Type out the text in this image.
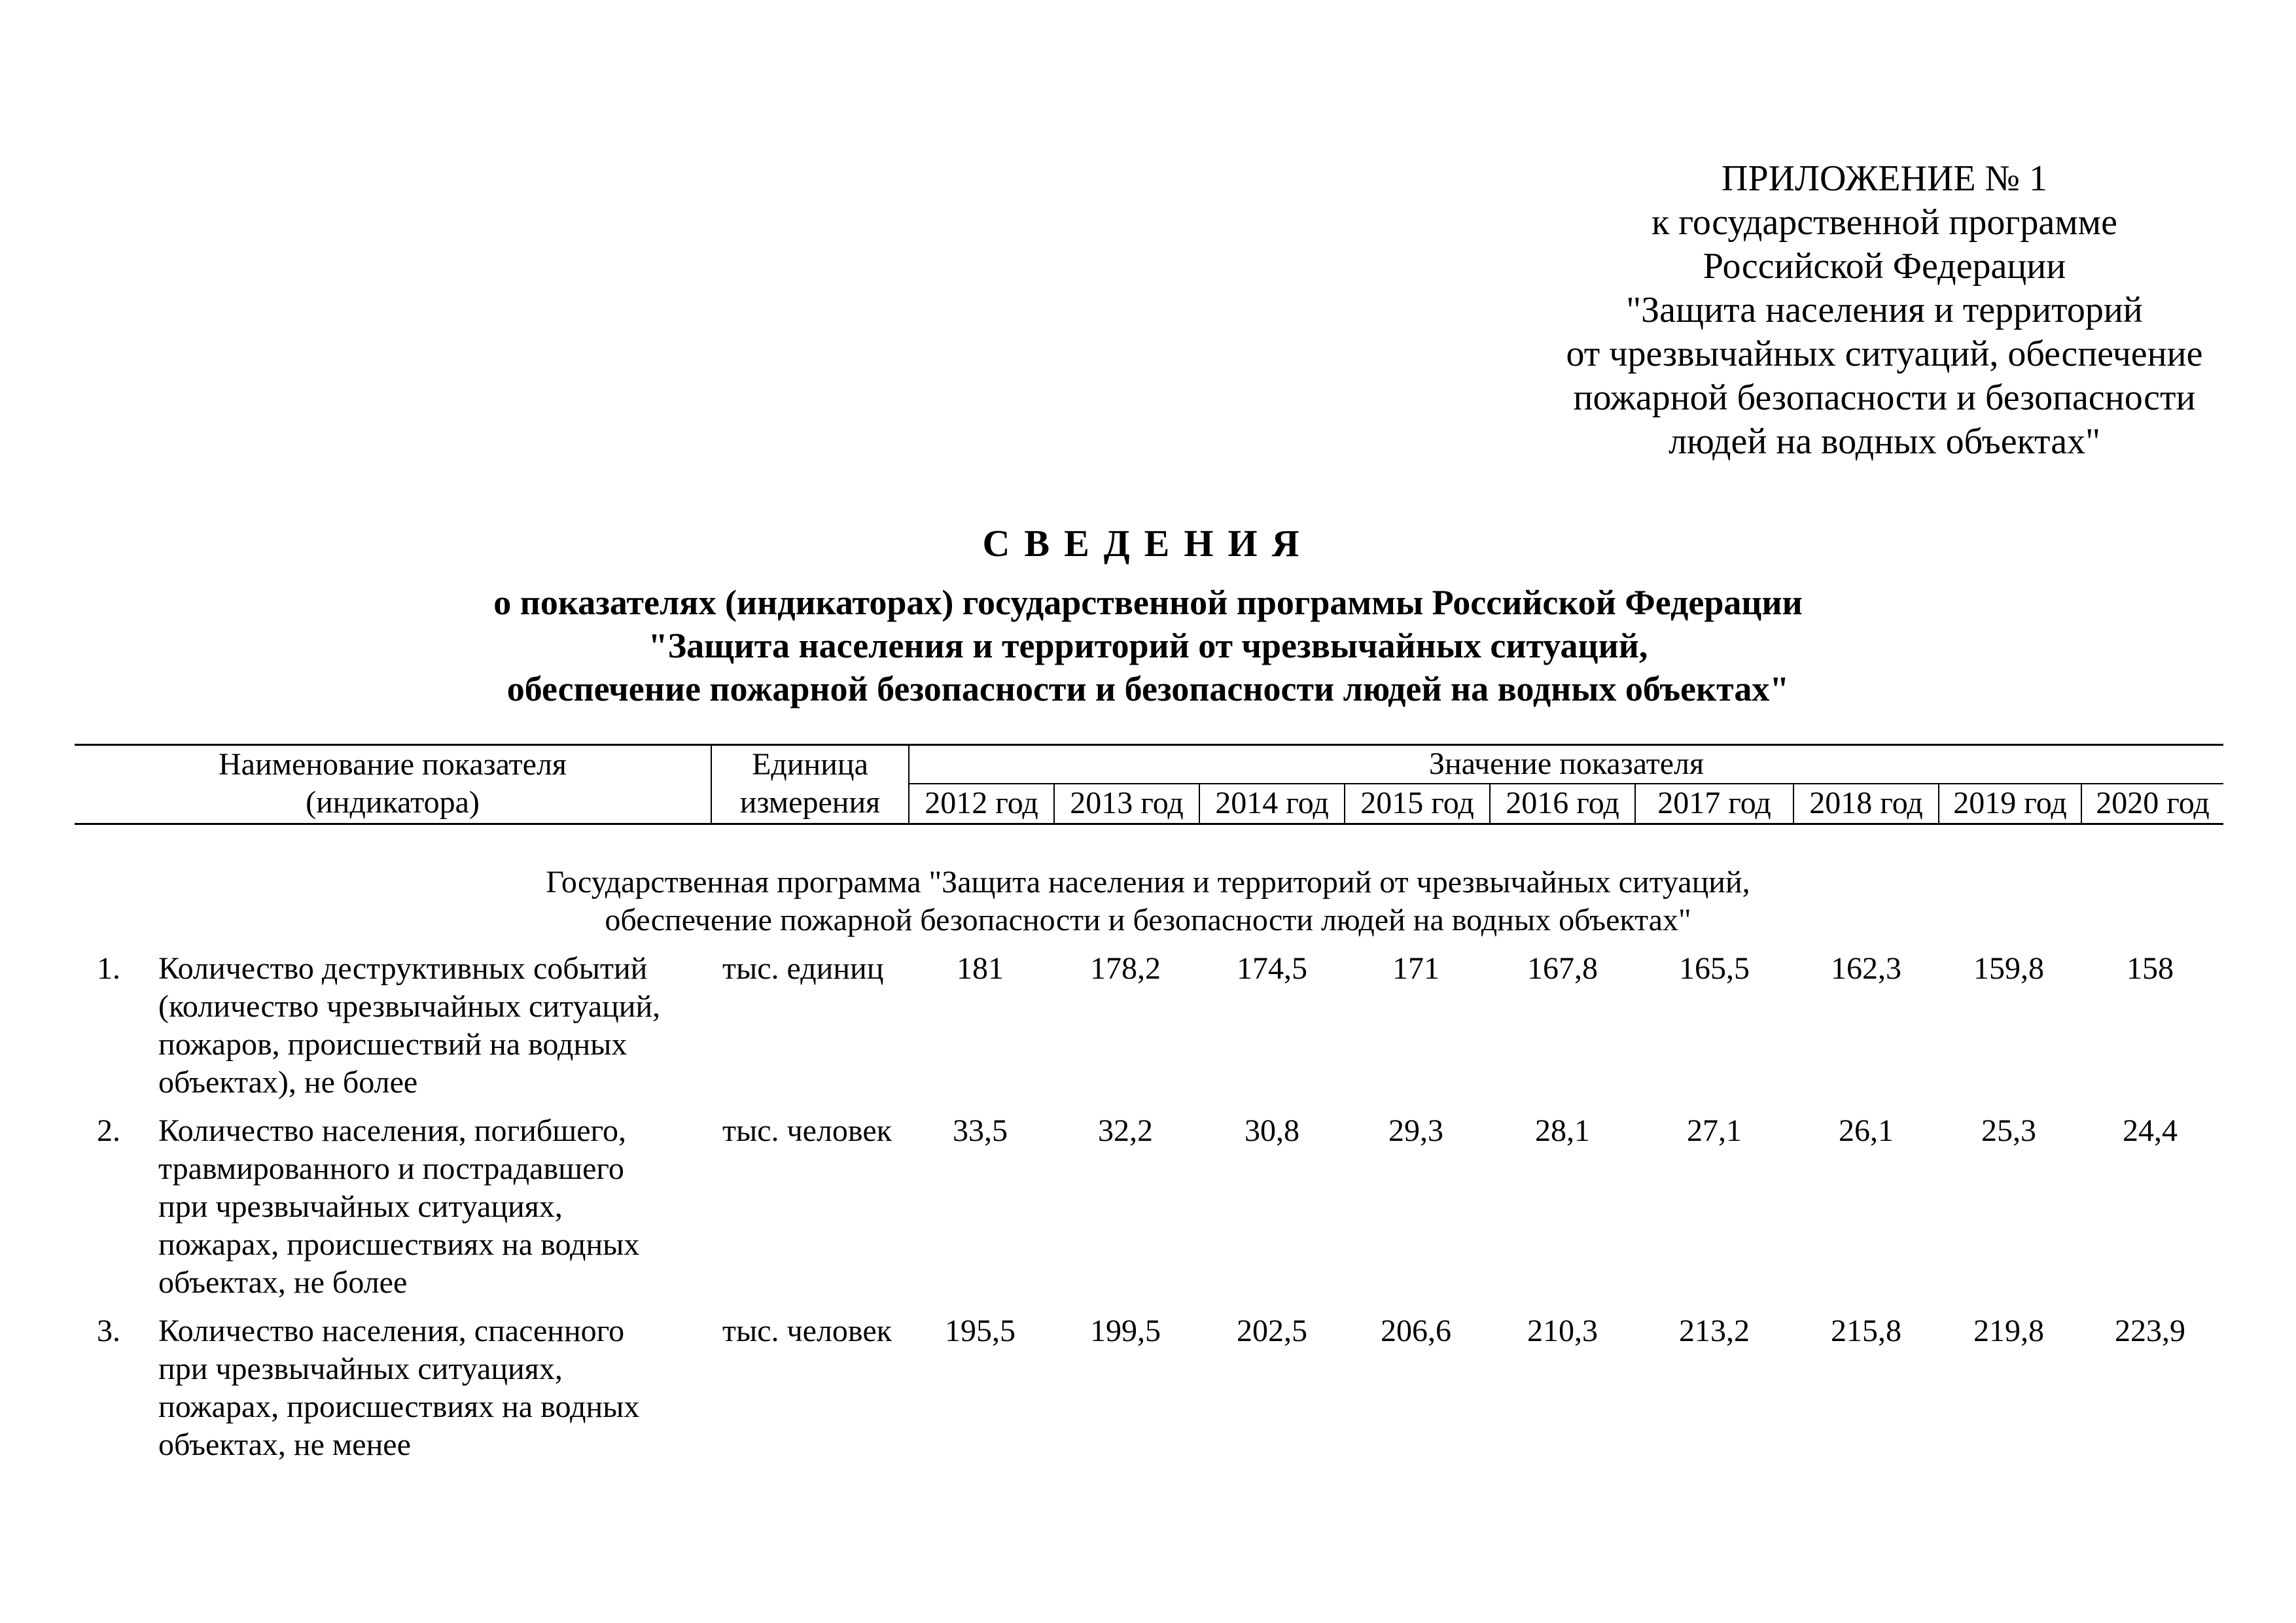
ПРИЛОЖЕНИЕ № 1
к государственной программе
Российской Федерации
"Защита населения и территорий
от чрезвычайных ситуаций, обеспечение
пожарной безопасности и безопасности
людей на водных объектах"
СВЕДЕНИЯ
о показателях (индикаторах) государственной программы Российской Федерации
"Защита населения и территорий от чрезвычайных ситуаций,
обеспечение пожарной безопасности и безопасности людей на водных объектах"
Наименование показателя
(индикатора)
Единица
измерения
Значение показателя
2012 год	2013 год	2014 год	2015 год	2016 год	2017 год	2018 год 2019 год 2020 год
Государственная программа "Защита населения и территорий от чрезвычайных ситуаций,
обеспечение пожарной безопасности и безопасности людей на водных объектах"
1. Количество деструктивных событий
(количество чрезвычайных ситуаций,
пожаров, происшествий на водных
объектах), не более
тыс. единиц	181	178,2	174,5	171	167,8	165,5	162,3	159,8	158
2. Количество населения, погибшего,
травмированного и пострадавшего
при чрезвычайных ситуациях,
пожарах, происшествиях на водных
объектах, не более
тыс. человек	33,5	32,2	30,8	29,3	28,1	27,1	26,1	25,3	24,4
3. Количество населения, спасенного
при чрезвычайных ситуациях,
пожарах, происшествиях на водных
объектах, не менее
тыс. человек	195,5	199,5	202,5	206,6	210,3	213,2	215,8	219,8	223,9
